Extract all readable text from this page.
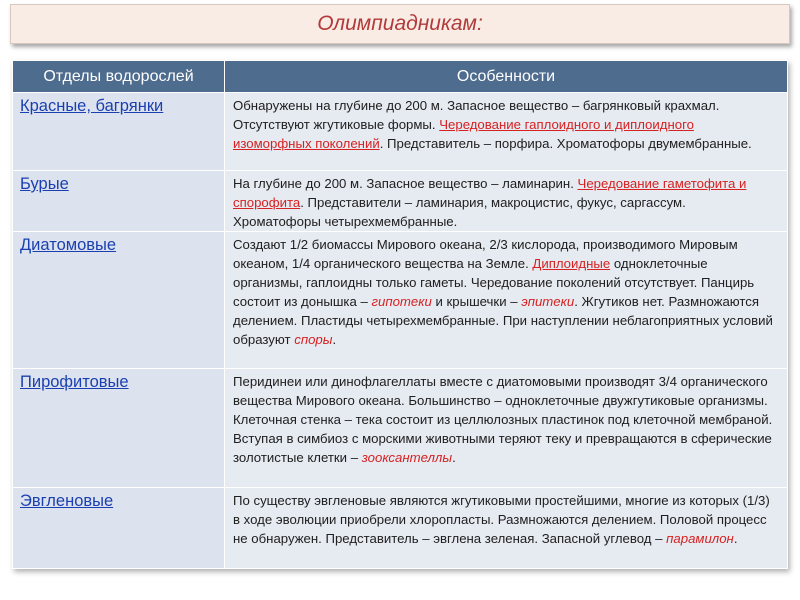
Олимпиадникам:
Отделы водорослей	Особенности

Красные, багрянки	Обнаружены на глубине до 200 м. Запасное вещество – багрянковый крахмал. Отсутствуют жгутиковые формы. Чередование гаплоидного и диплоидного изоморфных поколений. Представитель – порфира. Хроматофоры двумембранные.

Бурые	На глубине до 200 м. Запасное вещество – ламинарин. Чередование гаметофита и спорофита. Представители – ламинария, макроцистис, фукус, саргассум. Хроматофоры четырехмембранные.

Диатомовые	Создают 1/2 биомассы Мирового океана, 2/3 кислорода, производимого Мировым океаном, 1/4 органического вещества на Земле. Диплоидные одноклеточные организмы, гаплоидны только гаметы. Чередование поколений отсутствует. Панцирь состоит из донышка – гипотеки и крышечки – эпитеки. Жгутиков нет. Размножаются делением. Пластиды четырехмембранные. При наступлении неблагоприятных условий образуют споры.

Пирофитовые	Перидинеи или динофлагеллаты вместе с диатомовыми производят 3/4 органического вещества Мирового океана. Большинство – одноклеточные двужгутиковые организмы. Клеточная стенка – тека состоит из целлюлозных пластинок под клеточной мембраной. Вступая в симбиоз с морскими животными теряют теку и превращаются в сферические золотистые клетки – зооксантеллы.

Эвгленовые	По существу эвгленовые являются жгутиковыми простейшими, многие из которых (1/3) в ходе эволюции приобрели хлоропласты. Размножаются делением. Половой процесс не обнаружен. Представитель – эвглена зеленая. Запасной углевод – парамилон.
